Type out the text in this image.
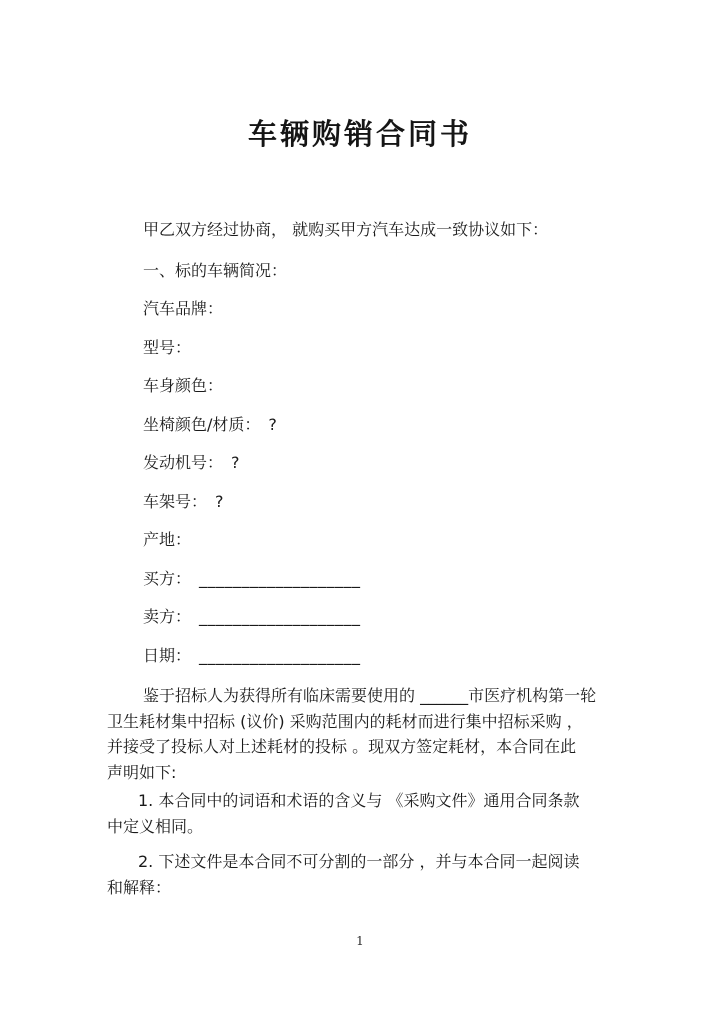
车辆购销合同书

甲乙双方经过协商， 就购买甲方汽车达成一致协议如下：

一、标的车辆简况：

汽车品牌：

型号：

车身颜色：

坐椅颜色/材质： ?

发动机号： ?

车架号： ?

产地：

买方： ___________________

卖方： ___________________

日期： ___________________

鉴于招标人为获得所有临床需要使用的 ______市医疗机构第一轮
卫生耗材集中招标 (议价) 采购范围内的耗材而进行集中招标采购 ，
并接受了投标人对上述耗材的投标 。现双方签定耗材，本合同在此
声明如下:
1. 本合同中的词语和术语的含义与 《采购文件》通用合同条款
中定义相同。
2. 下述文件是本合同不可分割的一部分 ，并与本合同一起阅读
和解释：
1
